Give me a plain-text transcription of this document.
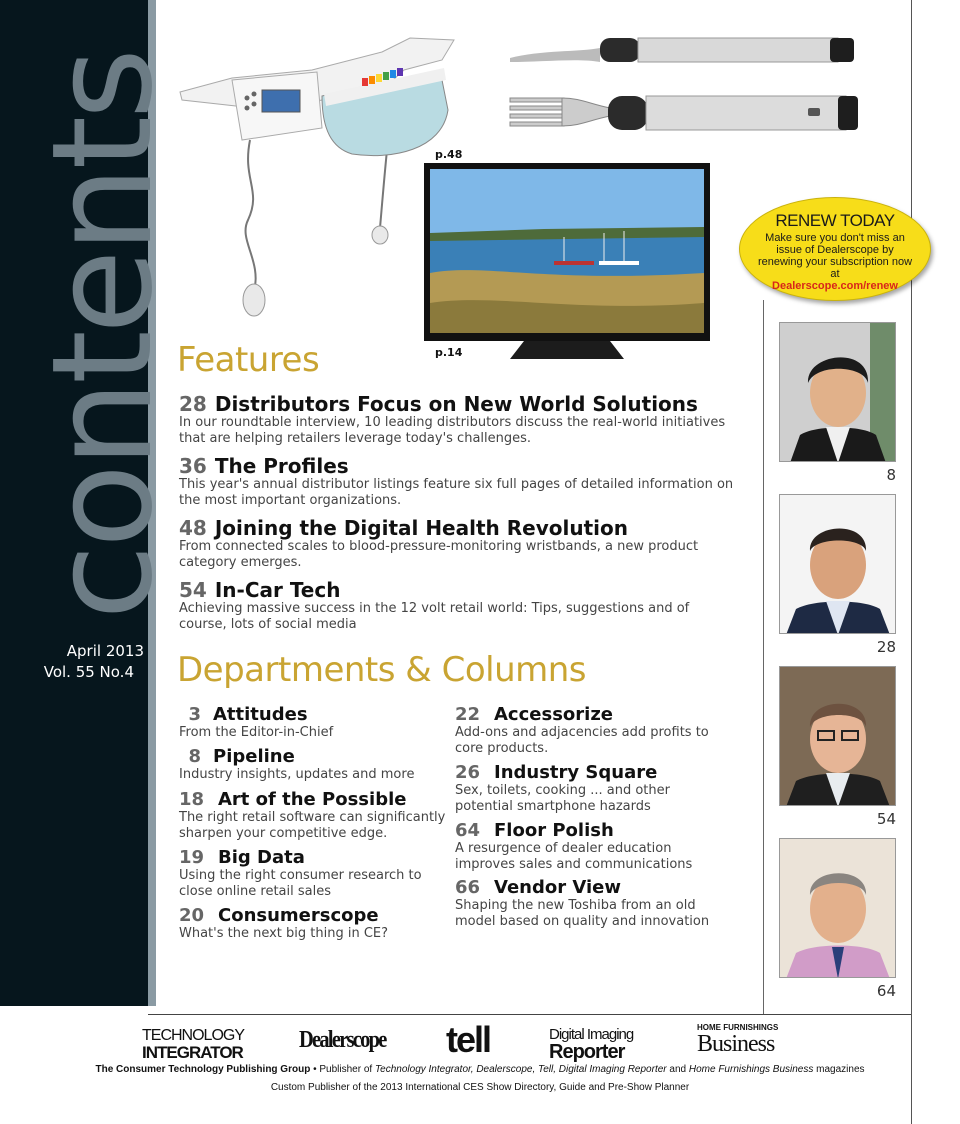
contents
April 2013
Vol. 55 No.4
p.48
p.14
RENEW TODAY
Make sure you don't miss an issue of Dealerscope by renewing your subscription now at
Dealerscope.com/renew
8
28
54
64
Features
28 Distributors Focus on New World Solutions
In our roundtable interview, 10 leading distributors discuss the real-world initiatives that are helping retailers leverage today's challenges.
36 The Profiles
This year's annual distributor listings feature six full pages of detailed information on the most important organizations.
48 Joining the Digital Health Revolution
From connected scales to blood-pressure-monitoring wristbands, a new product category emerges.
54 In-Car Tech
Achieving massive success in the 12 volt retail world: Tips, suggestions and of course, lots of social media
Departments & Columns
3 Attitudes
From the Editor-in-Chief
8 Pipeline
Industry insights, updates and more
18 Art of the Possible
The right retail software can significantly sharpen your competitive edge.
19 Big Data
Using the right consumer research to close online retail sales
20 Consumerscope
What's the next big thing in CE?
22 Accessorize
Add-ons and adjacencies add profits to core products.
26 Industry Square
Sex, toilets, cooking ... and other potential smartphone hazards
64 Floor Polish
A resurgence of dealer education improves sales and communications
66 Vendor View
Shaping the new Toshiba from an old model based on quality and innovation
TECHNOLOGY
INTEGRATOR Dealerscope tell	Digital Imaging
Reporter
HOME FURNISHINGS
Business
The Consumer Technology Publishing Group • Publisher of Technology Integrator, Dealerscope, Tell, Digital Imaging Reporter and Home Furnishings Business magazines
Custom Publisher of the 2013 International CES Show Directory, Guide and Pre-Show Planner
